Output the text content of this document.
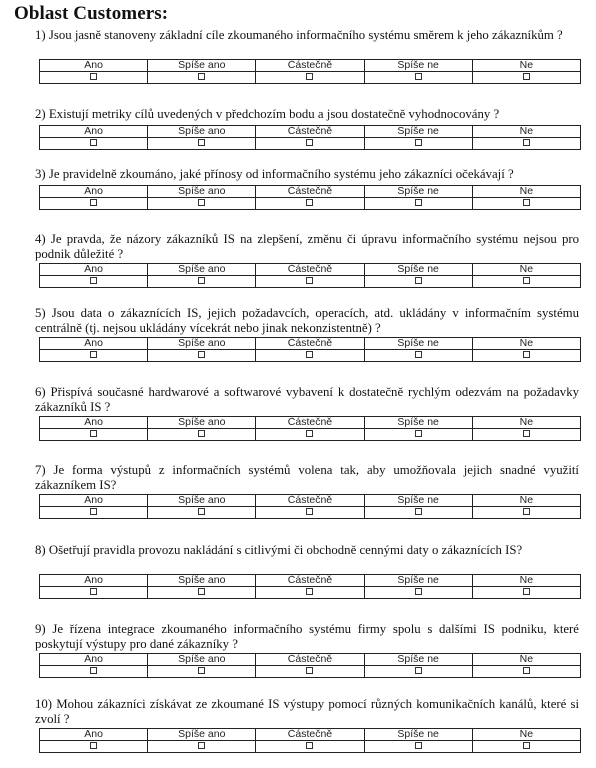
Oblast Customers:
1) Jsou jasně stanoveny základní cíle zkoumaného informačního systému směrem k jeho zákazníkům ?
Ano	Spíše ano	Částečně	Spíše ne	Ne

2) Existují metriky cílů uvedených v předchozím bodu a jsou dostatečně vyhodnocovány ?
Ano	Spíše ano	Částečně	Spíše ne	Ne

3) Je pravidelně zkoumáno, jaké přínosy od informačního systému jeho zákazníci očekávají ?
Ano	Spíše ano	Částečně	Spíše ne	Ne

4) Je pravda, že názory zákazníků IS na zlepšení, změnu či úpravu informačního systému nejsou pro podnik důležité ?
Ano	Spíše ano	Částečně	Spíše ne	Ne

5) Jsou data o zákaznících IS, jejich požadavcích, operacích, atd. ukládány v informačním systému centrálně (tj. nejsou ukládány vícekrát nebo jinak nekonzistentně) ?
Ano	Spíše ano	Částečně	Spíše ne	Ne

6) Přispívá současné hardwarové a softwarové vybavení k dostatečně rychlým odezvám na požadavky zákazníků IS ?
Ano	Spíše ano	Částečně	Spíše ne	Ne

7) Je forma výstupů z informačních systémů volena tak, aby umožňovala jejich snadné využití zákazníkem IS?
Ano	Spíše ano	Částečně	Spíše ne	Ne

8) Ošetřují pravidla provozu nakládání s citlivými či obchodně cennými daty o zákaznících IS?
Ano	Spíše ano	Částečně	Spíše ne	Ne

9) Je řízena integrace zkoumaného informačního systému firmy spolu s dalšími IS podniku, které poskytují výstupy pro dané zákazníky ?
Ano	Spíše ano	Částečně	Spíše ne	Ne

10) Mohou zákazníci získávat ze zkoumané IS výstupy pomocí různých komunikačních kanálů, které si zvolí ?
Ano	Spíše ano	Částečně	Spíše ne	Ne
